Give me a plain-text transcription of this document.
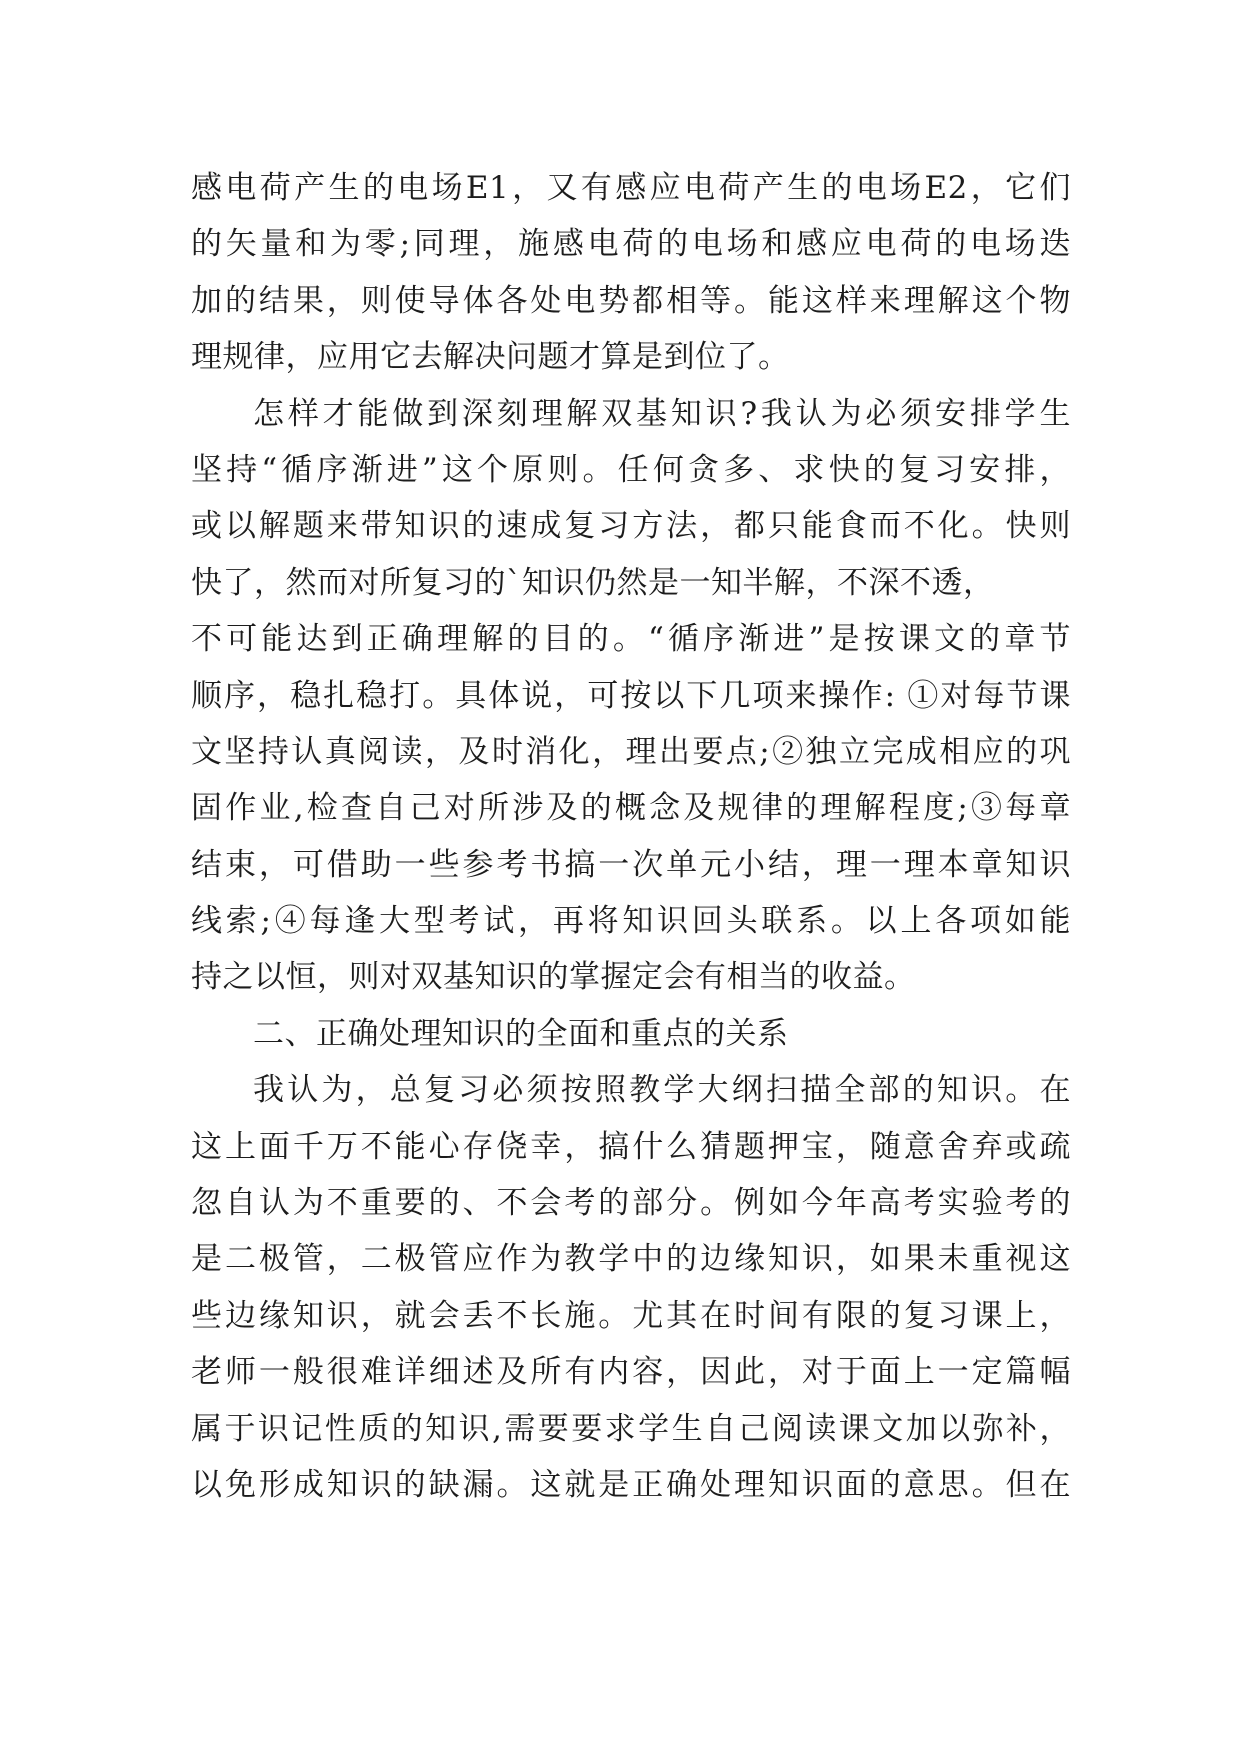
感电荷产生的电场E1，又有感应电荷产生的电场E2，它们
的矢量和为零;同理，施感电荷的电场和感应电荷的电场迭
加的结果，则使导体各处电势都相等。能这样来理解这个物
理规律，应用它去解决问题才算是到位了。
怎样才能做到深刻理解双基知识?我认为必须安排学生
坚持“循序渐进”这个原则。任何贪多、求快的复习安排，
或以解题来带知识的速成复习方法，都只能食而不化。快则
快了，然而对所复习的`知识仍然是一知半解，不深不透，
不可能达到正确理解的目的。“循序渐进”是按课文的章节
顺序，稳扎稳打。具体说，可按以下几项来操作: ①对每节课
文坚持认真阅读，及时消化，理出要点;②独立完成相应的巩
固作业,检查自己对所涉及的概念及规律的理解程度;③每章
结束，可借助一些参考书搞一次单元小结，理一理本章知识
线索;④每逢大型考试，再将知识回头联系。以上各项如能
持之以恒，则对双基知识的掌握定会有相当的收益。
二、正确处理知识的全面和重点的关系
我认为，总复习必须按照教学大纲扫描全部的知识。在
这上面千万不能心存侥幸，搞什么猜题押宝，随意舍弃或疏
忽自认为不重要的、不会考的部分。例如今年高考实验考的
是二极管，二极管应作为教学中的边缘知识，如果未重视这
些边缘知识，就会丢不长施。尤其在时间有限的复习课上，
老师一般很难详细述及所有内容，因此，对于面上一定篇幅
属于识记性质的知识,需要要求学生自己阅读课文加以弥补，
以免形成知识的缺漏。这就是正确处理知识面的意思。但在
